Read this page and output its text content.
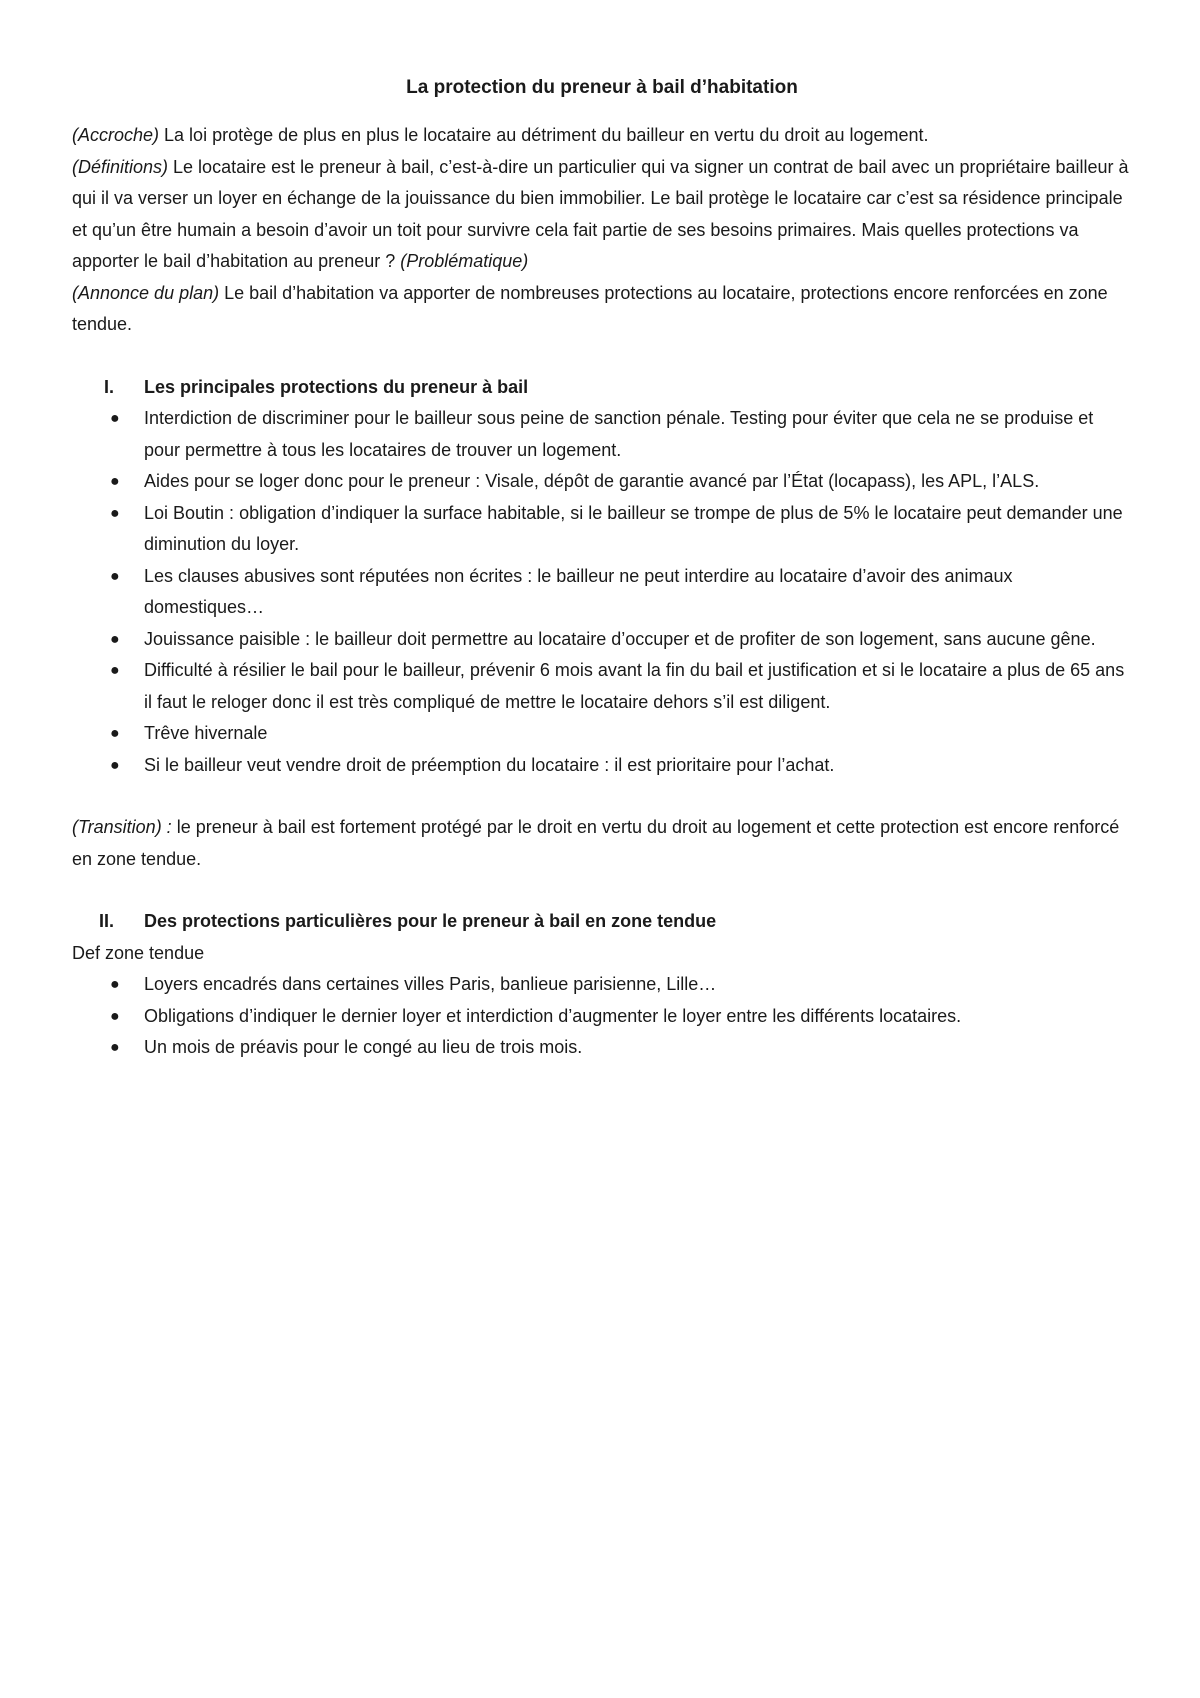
La protection du preneur à bail d’habitation

(Accroche) La loi protège de plus en plus le locataire au détriment du bailleur en vertu du droit au logement.
(Définitions) Le locataire est le preneur à bail, c’est-à-dire un particulier qui va signer un contrat de bail avec un propriétaire bailleur à qui il va verser un loyer en échange de la jouissance du bien immobilier. Le bail protège le locataire car c’est sa résidence principale et qu’un être humain a besoin d’avoir un toit pour survivre cela fait partie de ses besoins primaires. Mais quelles protections va apporter le bail d’habitation au preneur ? (Problématique)
(Annonce du plan) Le bail d’habitation va apporter de nombreuses protections au locataire, protections encore renforcées en zone tendue.

I.	Les principales protections du preneur à bail
● Interdiction de discriminer pour le bailleur sous peine de sanction pénale. Testing pour éviter que cela ne se produise et pour permettre à tous les locataires de trouver un logement.
● Aides pour se loger donc pour le preneur : Visale, dépôt de garantie avancé par l’État (locapass), les APL, l’ALS.
● Loi Boutin : obligation d’indiquer la surface habitable, si le bailleur se trompe de plus de 5% le locataire peut demander une diminution du loyer.
● Les clauses abusives sont réputées non écrites : le bailleur ne peut interdire au locataire d’avoir des animaux domestiques…
● Jouissance paisible : le bailleur doit permettre au locataire d’occuper et de profiter de son logement, sans aucune gêne.
● Difficulté à résilier le bail pour le bailleur, prévenir 6 mois avant la fin du bail et justification et si le locataire a plus de 65 ans il faut le reloger donc il est très compliqué de mettre le locataire dehors s’il est diligent.
● Trêve hivernale
● Si le bailleur veut vendre droit de préemption du locataire : il est prioritaire pour l’achat.

(Transition) : le preneur à bail est fortement protégé par le droit en vertu du droit au logement et cette protection est encore renforcé en zone tendue.

II.	Des protections particulières pour le preneur à bail en zone tendue

Def zone tendue

● Loyers encadrés dans certaines villes Paris, banlieue parisienne, Lille…
● Obligations d’indiquer le dernier loyer et interdiction d’augmenter le loyer entre les différents locataires.
● Un mois de préavis pour le congé au lieu de trois mois.
